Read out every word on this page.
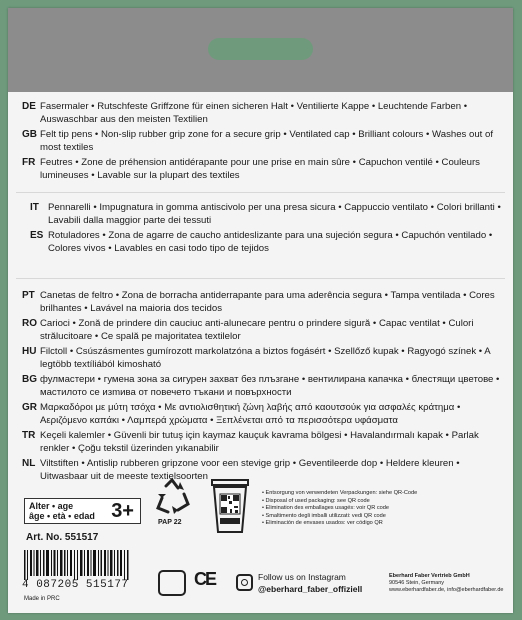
DE Fasermaler • Rutschfeste Griffzone für einen sicheren Halt • Ventilierte Kappe • Leuchtende Farben • Auswaschbar aus den meisten Textilien
GB Felt tip pens • Non-slip rubber grip zone for a secure grip • Ventilated cap • Brilliant colours • Washes out of most textiles
FR Feutres • Zone de préhension antidérapante pour une prise en main sûre • Capuchon ventilé • Couleurs lumineuses • Lavable sur la plupart des textiles
IT Pennarelli • Impugnatura in gomma antiscivolo per una presa sicura • Cappuccio ventilato • Colori brillanti • Lavabili dalla maggior parte dei tessuti
ES Rotuladores • Zona de agarre de caucho antideslizante para una sujeción segura • Capuchón ventilado • Colores vivos • Lavables en casi todo tipo de tejidos
PT Canetas de feltro • Zona de borracha antiderrapante para uma aderência segura • Tampa ventilada • Cores brilhantes • Lavável na maioria dos tecidos
RO Carioci • Zonă de prindere din cauciuc anti-alunecare pentru o prindere sigură • Capac ventilat • Culori strălucitoare • Ce spală pe majoritatea textilelor
HU Filctoll • Csúszásmentes gumírozott markolatzóna a biztos fogásért • Szellőző kupak • Ragyogó színek • A legtöbb textíliából kimosható
BG фулмастери • гумена зона за сигурен захват без плъзгане • вентилирана капачка • блестящи цветове • мастилото се изmива от повечето тъкани и повърхности
GR Μαρκαδόροι με μύτη τσόχα • Με αντιολισθητική ζώνη λαβής από καουτσούκ για ασφαλές κράτημα • Αεριζόμενο καπάκι • Λαμπερά χρώματα • Ξεπλένεται από τα περισσότερα υφάσματα
TR Keçeli kalemler • Güvenli bir tutuş için kaymaz kauçuk kavrama bölgesi • Havalandırmalı kapak • Parlak renkler • Çoğu tekstil üzerinden yıkanabilir
NL Viltstiften • Antislip rubberen gripzone voor een stevige grip • Geventileerde dop • Heldere kleuren • Uitwasbaar uit de meeste textielsoorten
Alter • age
âge • età • edad 3+
Art. No. 551517
4 087205 515177
Made in PRC
PAP 22
• Entsorgung von verwendeten Verpackungen: siehe QR-Code
• Disposal of used packaging: see QR code
• Elimination des emballages usagés: voir QR code
• Smaltimento degli imballi utilizzati: vedi QR code
• Eliminación de envases usados: ver código QR
CE	Follow us on Instagram
@eberhard_faber_offiziell
Eberhard Faber Vertrieb GmbH
90546 Stein, Germany
www.eberhardfaber.de, info@eberhardfaber.de
